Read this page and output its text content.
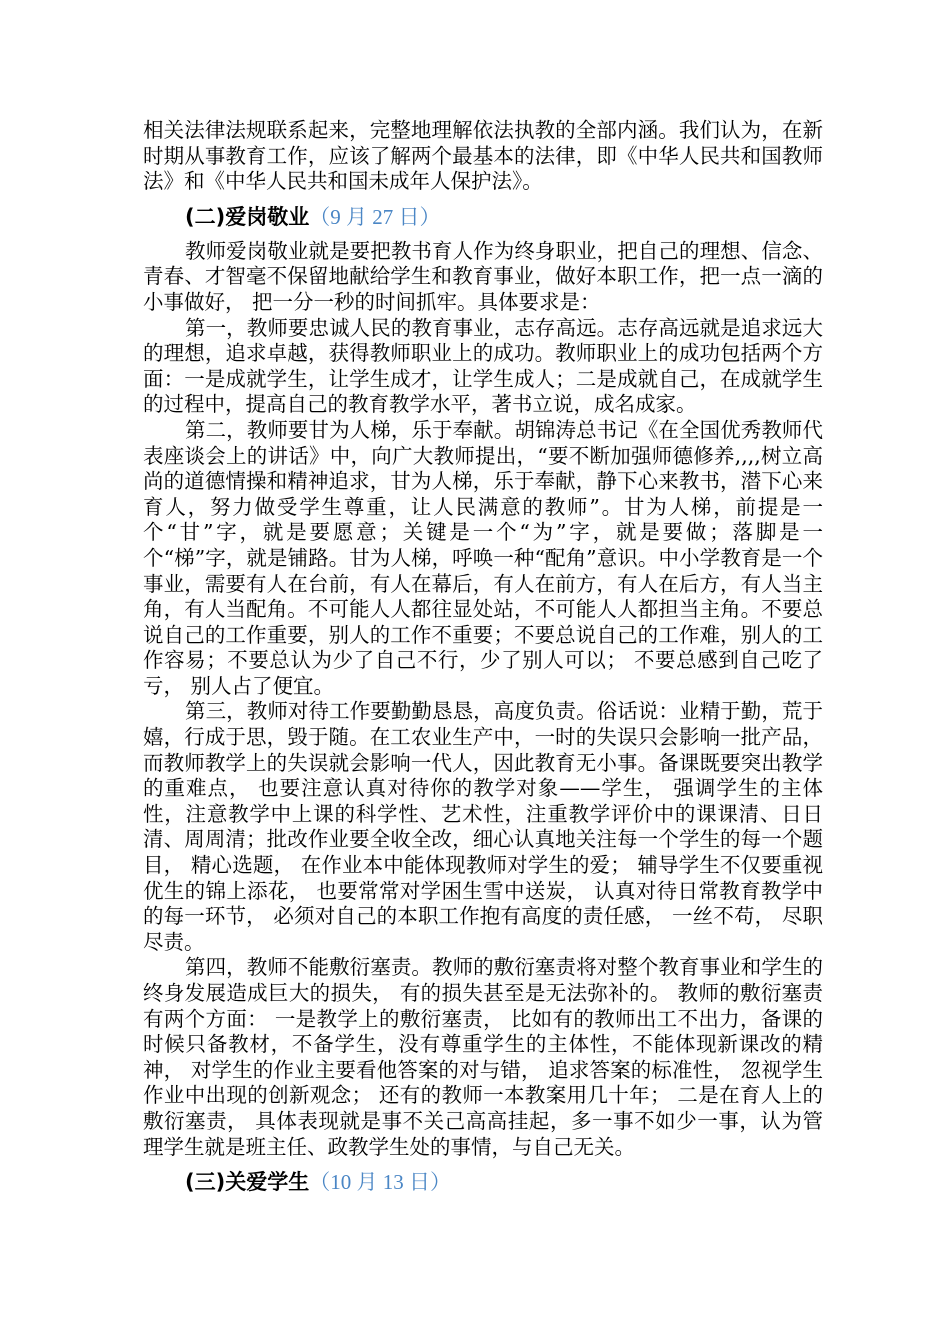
相关法律法规联系起来，完整地理解依法执教的全部内涵。我们认为，在新时期从事教育工作，应该了解两个最基本的法律，即《中华人民共和国教师法》和《中华人民共和国未成年人保护法》。

(二)爱岗敬业（9 月 27 日）

教师爱岗敬业就是要把教书育人作为终身职业，把自己的理想、信念、青春、才智毫不保留地献给学生和教育事业，做好本职工作，把一点一滴的小事做好， 把一分一秒的时间抓牢。具体要求是：

第一，教师要忠诚人民的教育事业，志存高远。志存高远就是追求远大的理想，追求卓越，获得教师职业上的成功。教师职业上的成功包括两个方面：一是成就学生，让学生成才，让学生成人；二是成就自己，在成就学生的过程中，提高自己的教育教学水平，著书立说，成名成家。

第二，教师要甘为人梯，乐于奉献。胡锦涛总书记《在全国优秀教师代表座谈会上的讲话》中，向广大教师提出，“要不断加强师德修养,,,,树立高尚的道德情操和精神追求，甘为人梯，乐于奉献，静下心来教书，潜下心来育人，努力做受学生尊重，让人民满意的教师”。甘为人梯，前提是一个“甘”字，就是要愿意；关键是一个“为”字，就是要做；落脚是一个“梯”字，就是铺路。甘为人梯，呼唤一种“配角”意识。中小学教育是一个事业，需要有人在台前，有人在幕后，有人在前方，有人在后方，有人当主角，有人当配角。不可能人人都往显处站，不可能人人都担当主角。不要总说自己的工作重要，别人的工作不重要；不要总说自己的工作难，别人的工作容易；不要总认为少了自己不行，少了别人可以； 不要总感到自己吃了亏， 别人占了便宜。

第三，教师对待工作要勤勤恳恳，高度负责。俗话说：业精于勤，荒于嬉，行成于思，毁于随。在工农业生产中，一时的失误只会影响一批产品，而教师教学上的失误就会影响一代人，因此教育无小事。备课既要突出教学的重难点， 也要注意认真对待你的教学对象——学生， 强调学生的主体性，注意教学中上课的科学性、艺术性，注重教学评价中的课课清、日日清、周周清；批改作业要全收全改，细心认真地关注每一个学生的每一个题目， 精心选题， 在作业本中能体现教师对学生的爱； 辅导学生不仅要重视优生的锦上添花， 也要常常对学困生雪中送炭， 认真对待日常教育教学中的每一环节， 必须对自己的本职工作抱有高度的责任感， 一丝不苟， 尽职尽责。

第四，教师不能敷衍塞责。教师的敷衍塞责将对整个教育事业和学生的终身发展造成巨大的损失， 有的损失甚至是无法弥补的。 教师的敷衍塞责有两个方面： 一是教学上的敷衍塞责， 比如有的教师出工不出力，备课的时候只备教材，不备学生，没有尊重学生的主体性，不能体现新课改的精神， 对学生的作业主要看他答案的对与错， 追求答案的标准性， 忽视学生作业中出现的创新观念； 还有的教师一本教案用几十年； 二是在育人上的敷衍塞责， 具体表现就是事不关己高高挂起，多一事不如少一事，认为管理学生就是班主任、政教学生处的事情，与自己无关。

(三)关爱学生（10 月 13 日）
